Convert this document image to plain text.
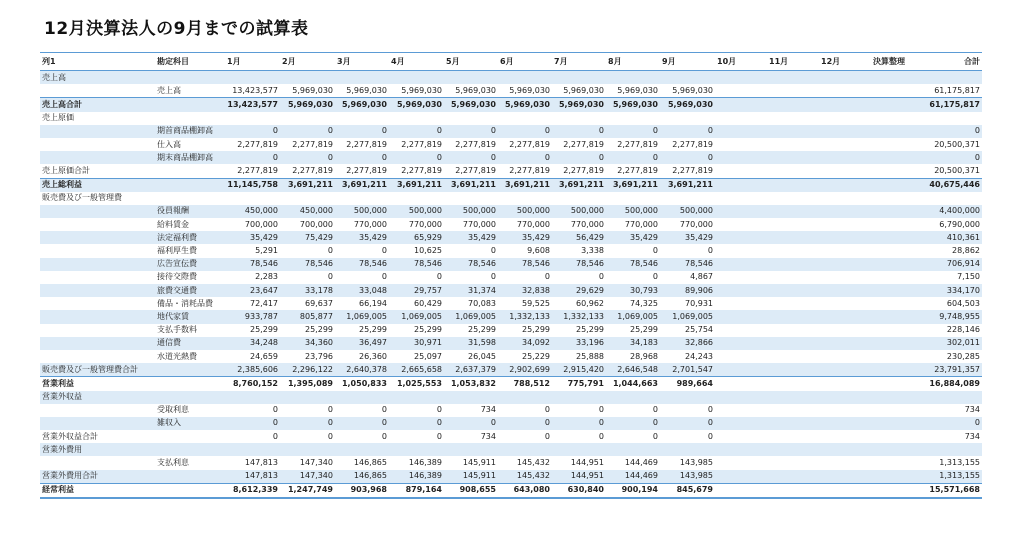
12月決算法人の9月までの試算表
列1	勘定科目	1月	2月	3月	4月	5月	6月	7月	8月	9月	10月	11月	12月	決算整理	合計
売上高															
	売上高	13,423,577	5,969,030	5,969,030	5,969,030	5,969,030	5,969,030	5,969,030	5,969,030	5,969,030					61,175,817
売上高合計		13,423,577	5,969,030	5,969,030	5,969,030	5,969,030	5,969,030	5,969,030	5,969,030	5,969,030					61,175,817
売上原価															
	期首商品棚卸高	0	0	0	0	0	0	0	0	0					0
	仕入高	2,277,819	2,277,819	2,277,819	2,277,819	2,277,819	2,277,819	2,277,819	2,277,819	2,277,819					20,500,371
	期末商品棚卸高	0	0	0	0	0	0	0	0	0					0
売上原価合計		2,277,819	2,277,819	2,277,819	2,277,819	2,277,819	2,277,819	2,277,819	2,277,819	2,277,819					20,500,371
売上総利益		11,145,758	3,691,211	3,691,211	3,691,211	3,691,211	3,691,211	3,691,211	3,691,211	3,691,211					40,675,446
販売費及び一般管理費															
	役員報酬	450,000	450,000	500,000	500,000	500,000	500,000	500,000	500,000	500,000					4,400,000
	給料賃金	700,000	700,000	770,000	770,000	770,000	770,000	770,000	770,000	770,000					6,790,000
	法定福利費	35,429	75,429	35,429	65,929	35,429	35,429	56,429	35,429	35,429					410,361
	福利厚生費	5,291	0	0	10,625	0	9,608	3,338	0	0					28,862
	広告宣伝費	78,546	78,546	78,546	78,546	78,546	78,546	78,546	78,546	78,546					706,914
	接待交際費	2,283	0	0	0	0	0	0	0	4,867					7,150
	旅費交通費	23,647	33,178	33,048	29,757	31,374	32,838	29,629	30,793	89,906					334,170
	備品・消耗品費	72,417	69,637	66,194	60,429	70,083	59,525	60,962	74,325	70,931					604,503
	地代家賃	933,787	805,877	1,069,005	1,069,005	1,069,005	1,332,133	1,332,133	1,069,005	1,069,005					9,748,955
	支払手数料	25,299	25,299	25,299	25,299	25,299	25,299	25,299	25,299	25,754					228,146
	通信費	34,248	34,360	36,497	30,971	31,598	34,092	33,196	34,183	32,866					302,011
	水道光熱費	24,659	23,796	26,360	25,097	26,045	25,229	25,888	28,968	24,243					230,285
販売費及び一般管理費合計		2,385,606	2,296,122	2,640,378	2,665,658	2,637,379	2,902,699	2,915,420	2,646,548	2,701,547					23,791,357
営業利益		8,760,152	1,395,089	1,050,833	1,025,553	1,053,832	788,512	775,791	1,044,663	989,664					16,884,089
営業外収益															
	受取利息	0	0	0	0	734	0	0	0	0					734
	雑収入	0	0	0	0	0	0	0	0	0					0
営業外収益合計		0	0	0	0	734	0	0	0	0					734
営業外費用															
	支払利息	147,813	147,340	146,865	146,389	145,911	145,432	144,951	144,469	143,985					1,313,155
営業外費用合計		147,813	147,340	146,865	146,389	145,911	145,432	144,951	144,469	143,985					1,313,155
経常利益		8,612,339	1,247,749	903,968	879,164	908,655	643,080	630,840	900,194	845,679					15,571,668
